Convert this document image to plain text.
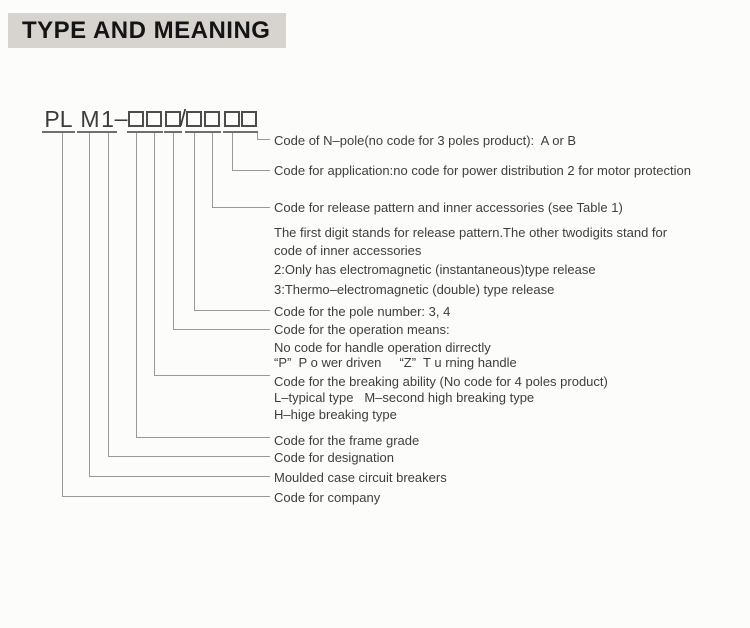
TYPE AND MEANING
PL M 1 – /
Code of N–pole(no code for 3 poles product):  A or B
Code for application:no code for power distribution 2 for motor protection
Code for release pattern and inner accessories (see Table 1)
The first digit stands for release pattern.The other twodigits stand for
code of inner accessories
2:Only has electromagnetic (instantaneous)type release
3:Thermo–electromagnetic (double) type release
Code for the pole number: 3, 4
Code for the operation means:
No code for handle operation dirrectly
“P”  P o wer driven     “Z”  T u rning handle
Code for the breaking ability (No code for 4 poles product)
L–typical type   M–second high breaking type
H–hige breaking type
Code for the frame grade
Code for designation
Moulded case circuit breakers
Code for company
